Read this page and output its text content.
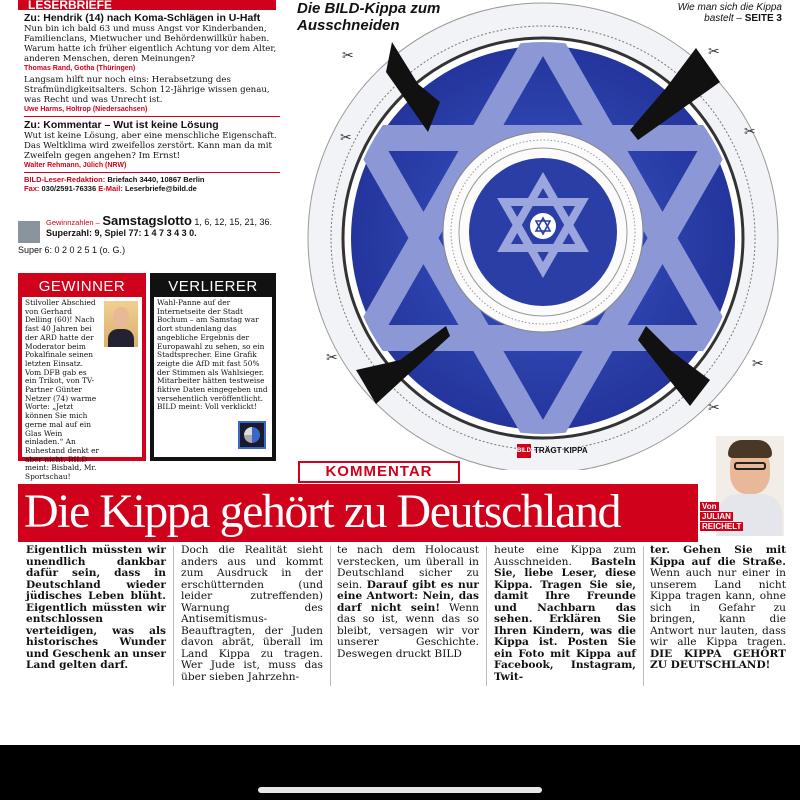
LESERBRIEFE
Zu: Hendrik (14) nach Koma-Schlägen in U-Haft
Nun bin ich bald 63 und muss Angst vor Kinderbanden, Familienclans, Mietwucher und Behördenwillkür haben. Warum hatte ich früher eigentlich Achtung vor dem Alter, anderen Menschen, deren Meinungen?
Thomas Rand, Gotha (Thüringen)
Langsam hilft nur noch eins: Herabsetzung des Strafmündigkeitsalters. Schon 12-Jährige wissen genau, was Recht und was Unrecht ist.
Uwe Harms, Holtrop (Niedersachsen)
Zu: Kommentar – Wut ist keine Lösung
Wut ist keine Lösung, aber eine menschliche Eigenschaft. Das Weltklima wird zweifellos zerstört. Kann man da mit Zweifeln gegen angehen? Im Ernst!
Walter Rehmann, Jülich (NRW)
BILD-Leser-Redaktion: Briefach 3440, 10867 Berlin
Fax: 030/2591-76336 E-Mail: Leserbriefe@bild.de
Gewinnzahlen – Samstagslotto 1, 6, 12, 15, 21, 36. Superzahl: 9, Spiel 77: 1 4 7 3 4 3 0.
Super 6: 0 2 0 2 5 1 (o. G.)
GEWINNER
Stilvoller Abschied von Gerhard Delling (60)! Nach fast 40 Jahren bei der ARD hatte der Moderator beim Pokalfinale seinen letzten Einsatz. Vom DFB gab es ein Trikot, von TV-Partner Günter Netzer (74) warme Worte: „Jetzt können Sie mich gerne mal auf ein Glas Wein einladen.“ An Ruhestand denkt er aber nicht. BILD meint: Bisbald, Mr. Sportschau!
VERLIERER
Wahl-Panne auf der Internetseite der Stadt Bochum – am Samstag war dort stundenlang das angebliche Ergebnis der Europawahl zu sehen, so ein Stadtsprecher. Eine Grafik zeigte die AfD mit fast 50% der Stimmen als Wahlsieger. Mitarbeiter hätten testweise fiktive Daten eingegeben und versehentlich veröffentlicht. BILD meint: Voll verklickt!
✂	✂
✂	✂
✂
✂
✂
Die BILD-Kippa zum Ausschneiden
Wie man sich die Kippa bastelt – SEITE 3
BILD TRÄGT KIPPA
KOMMENTAR
Die Kippa gehört zu Deutschland	Von
JULIAN
REICHELT
Eigentlich müssten wir unendlich dankbar dafür sein, dass in Deutschland wieder jüdisches Leben blüht. Eigentlich müssten wir entschlossen verteidigen, was als historisches Wunder und Geschenk an unser Land gelten darf.
Doch die Realität sieht anders aus und kommt zum Ausdruck in der erschütternden (und leider zutreffenden) Warnung des Antisemitismus-Beauftragten, der Juden davon abrät, überall im Land Kippa zu tragen. Wer Jude ist, muss das über sieben Jahrzehn-
te nach dem Holocaust verstecken, um überall in Deutschland sicher zu sein. Darauf gibt es nur eine Antwort: Nein, das darf nicht sein! Wenn das so ist, wenn das so bleibt, versagen wir vor unserer Geschichte. Deswegen druckt BILD
heute eine Kippa zum Ausschneiden. Basteln Sie, liebe Leser, diese Kippa. Tragen Sie sie, damit Ihre Freunde und Nachbarn das sehen. Erklären Sie Ihren Kindern, was die Kippa ist. Posten Sie ein Foto mit Kippa auf Facebook, Instagram, Twit-
ter. Gehen Sie mit Kippa auf die Straße. Wenn auch nur einer in unserem Land nicht Kippa tragen kann, ohne sich in Gefahr zu bringen, kann die Antwort nur lauten, dass wir alle Kippa tragen. DIE KIPPA GEHÖRT ZU DEUTSCHLAND!
